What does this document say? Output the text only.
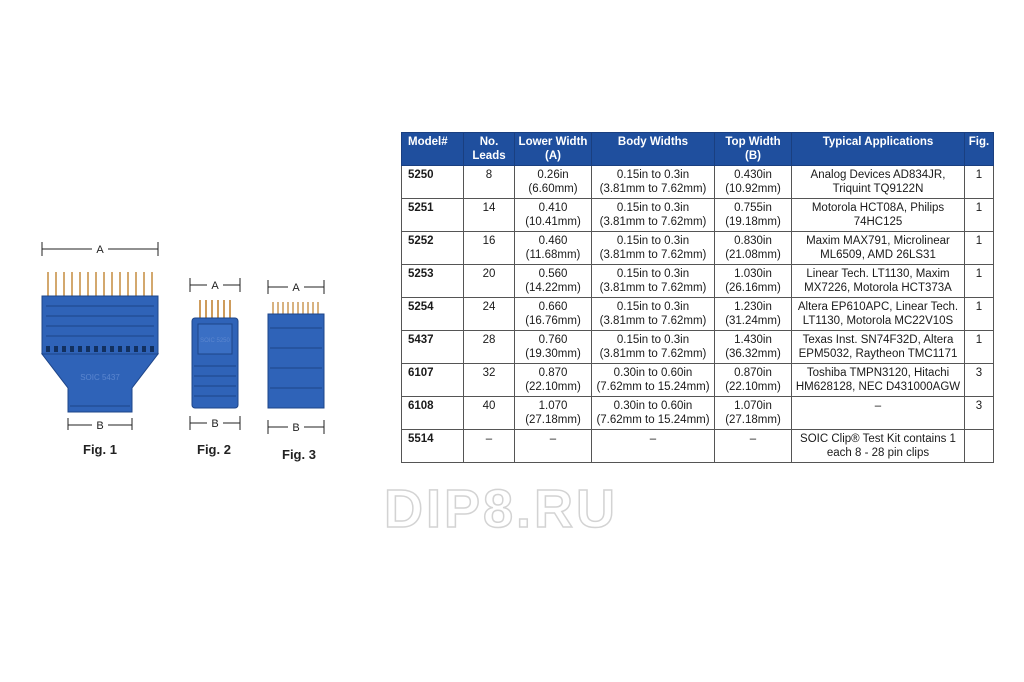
A
SOIC 5437
B
Fig. 1
A
SOIC 5250
B
Fig. 2
A
B
Fig. 3
Model#	No. Leads	Lower Width (A)	Body Widths	Top Width (B)	Typical Applications	Fig.
5250	8	0.26in (6.60mm)	0.15in to 0.3in (3.81mm to 7.62mm)	0.430in (10.92mm)	Analog Devices AD834JR, Triquint TQ9122N	1
5251	14	0.410 (10.41mm)	0.15in to 0.3in (3.81mm to 7.62mm)	0.755in (19.18mm)	Motorola HCT08A, Philips 74HC125	1
5252	16	0.460 (11.68mm)	0.15in to 0.3in (3.81mm to 7.62mm)	0.830in (21.08mm)	Maxim MAX791, Microlinear ML6509, AMD 26LS31	1
5253	20	0.560 (14.22mm)	0.15in to 0.3in (3.81mm to 7.62mm)	1.030in (26.16mm)	Linear Tech. LT1130, Maxim MX7226, Motorola HCT373A	1
5254	24	0.660 (16.76mm)	0.15in to 0.3in (3.81mm to 7.62mm)	1.230in (31.24mm)	Altera EP610APC, Linear Tech. LT1130, Motorola MC22V10S	1
5437	28	0.760 (19.30mm)	0.15in to 0.3in (3.81mm to 7.62mm)	1.430in (36.32mm)	Texas Inst. SN74F32D, Altera EPM5032, Raytheon TMC1171	1
6107	32	0.870 (22.10mm)	0.30in to 0.60in (7.62mm to 15.24mm)	0.870in (22.10mm)	Toshiba TMPN3120, Hitachi HM628128, NEC D431000AGW	3
6108	40	1.070 (27.18mm)	0.30in to 0.60in (7.62mm to 15.24mm)	1.070in (27.18mm)	–	3
5514	–	–	–	–	SOIC Clip® Test Kit contains 1 each 8 - 28 pin clips	
DIP8.RU
